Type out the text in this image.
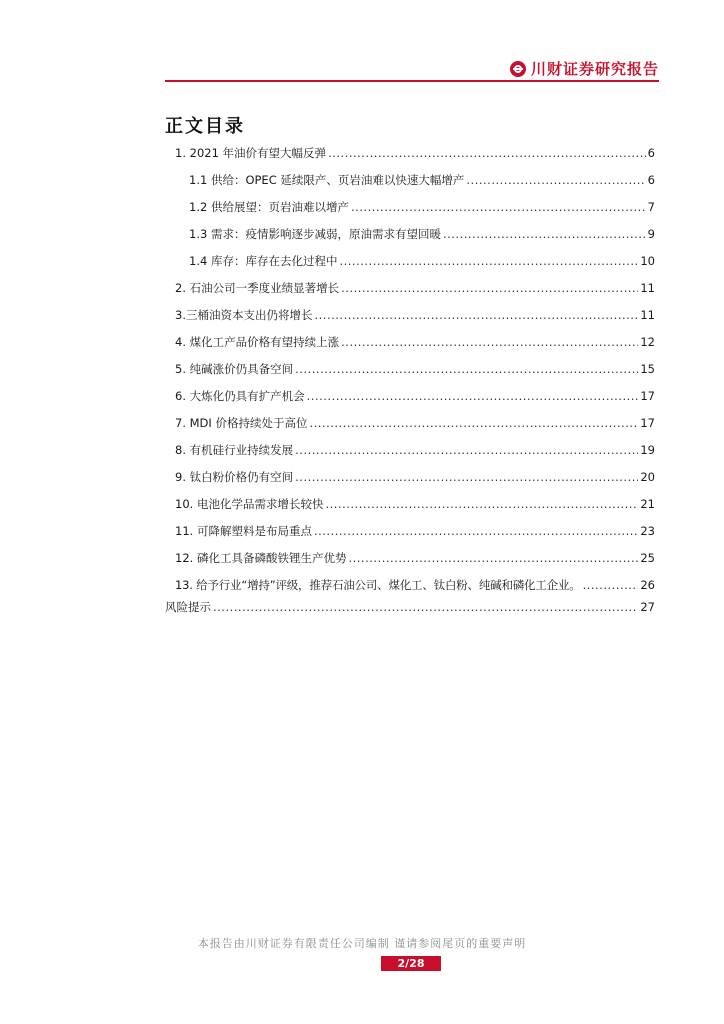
川财证券研究报告
正文目录
1. 2021 年油价有望大幅反弹 .....	6
1.1 供给：OPEC 延续限产、页岩油难以快速大幅增产 .....	6
1.2 供给展望：页岩油难以增产 .....	7
1.3 需求：疫情影响逐步减弱，原油需求有望回暖 .....	9
1.4 库存：库存在去化过程中 .....	10
2. 石油公司一季度业绩显著增长 .....	11
3.三桶油资本支出仍将增长 .....	11
4. 煤化工产品价格有望持续上涨 .....	12
5. 纯碱涨价仍具备空间 .....	15
6. 大炼化仍具有扩产机会 .....	17
7. MDI 价格持续处于高位 .....	17
8. 有机硅行业持续发展 .....	19
9. 钛白粉价格仍有空间 .....	20
10. 电池化学品需求增长较快 .....	21
11. 可降解塑料是布局重点 .....	23
12. 磷化工具备磷酸铁锂生产优势 .....	25
13. 给予行业“增持”评级，推荐石油公司、煤化工、钛白粉、纯碱和磷化工企业。 .....	26
风险提示 .....	27
本报告由川财证券有限责任公司编制 谨请参阅尾页的重要声明
2/28
